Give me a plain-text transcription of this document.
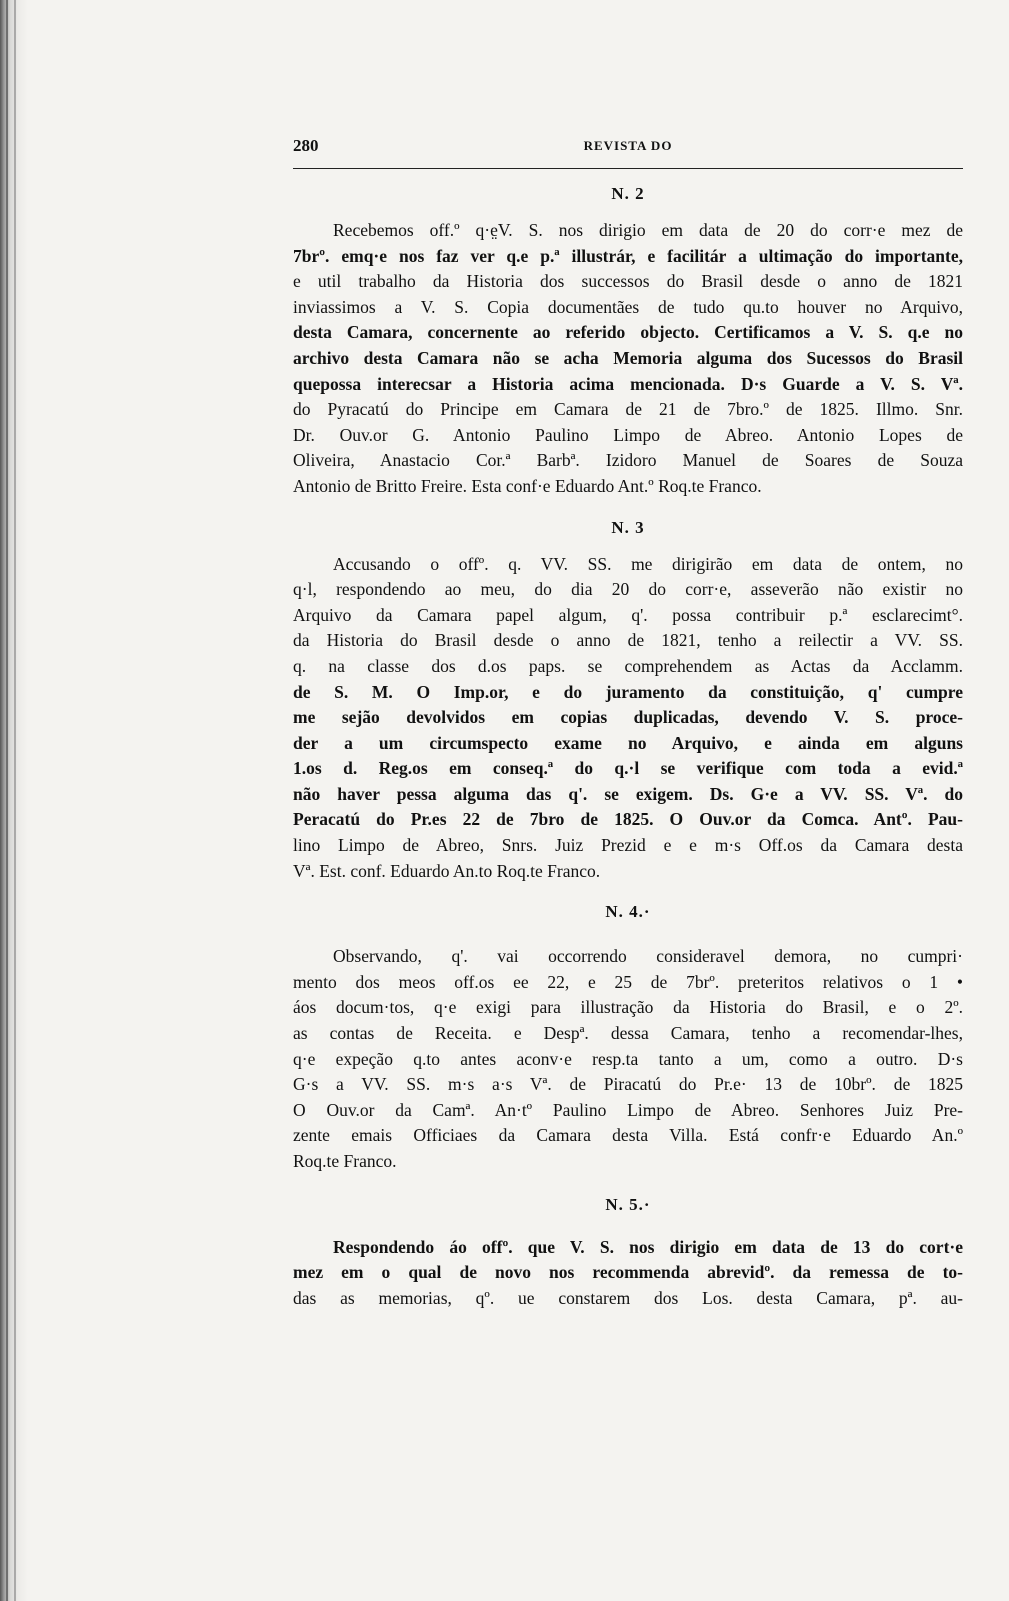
280	REVISTA DO
N. 2
Recebemos off.º q·e̤V. S. nos dirigio em data de 20 do corr·e mez de
7brº. emq·e nos faz ver q.e p.ª illustrár, e facilitár a ultimação do importante,
e util trabalho da Historia dos successos do Brasil desde o anno de 1821
inviassimos a V. S. Copia documentães de tudo qu.to houver no Arquivo,
desta Camara, concernente ao referido objecto. Certificamos a V. S. q.e no
archivo desta Camara não se acha Memoria alguma dos Sucessos do Brasil
quepossa interecsar a Historia acima mencionada. D·s Guarde a V. S. Vª.
do Pyracatú do Principe em Camara de 21 de 7bro.º de 1825. Illmo. Snr.
Dr. Ouv.or G. Antonio Paulino Limpo de Abreo. Antonio Lopes de
Oliveira, Anastacio Cor.ª Barbª. Izidoro Manuel de Soares de Souza
Antonio de Britto Freire. Esta conf·e Eduardo Ant.º Roq.te Franco.
N. 3
Accusando o offº. q. VV. SS. me dirigirão em data de ontem, no
q·l, respondendo ao meu, do dia 20 do corr·e, asseverão não existir no
Arquivo da Camara papel algum, q'. possa contribuir p.ª esclarecimt°.
da Historia do Brasil desde o anno de 1821, tenho a reilectir a VV. SS.
q. na classe dos d.os paps. se comprehendem as Actas da Acclamm.
de S. M. O Imp.or, e do juramento da constituição, q' cumpre
me sejão devolvidos em copias duplicadas, devendo V. S. proce-
der a um circumspecto exame no Arquivo, e ainda em alguns
1.os d. Reg.os em conseq.ª do q.·l se verifique com toda a evid.ª
não haver pessa alguma das q'. se exigem. Ds. G·e a VV. SS. Vª. do
Peracatú do Pr.es 22 de 7bro de 1825. O Ouv.or da Comca. Antº. Pau-
lino Limpo de Abreo, Snrs. Juiz Prezid e e m·s Off.os da Camara desta
Vª. Est. conf. Eduardo An.to Roq.te Franco.
N. 4.·
Observando, q'. vai occorrendo consideravel demora, no cumpri·
mento dos meos off.os ee 22, e 25 de 7brº. preteritos relativos o 1 •
áos docum·tos, q·e exigi para illustração da Historia do Brasil, e o 2º.
as contas de Receita. e Despª. dessa Camara, tenho a recomendar-lhes,
q·e expeção q.to antes aconv·e resp.ta tanto a um, como a outro. D·s
G·s a VV. SS. m·s a·s Vª. de Piracatú do Pr.e· 13 de 10brº. de 1825
O Ouv.or da Camª. An·tº Paulino Limpo de Abreo. Senhores Juiz Pre-
zente emais Officiaes da Camara desta Villa. Está confr·e Eduardo An.º
Roq.te Franco.
N. 5.·
Respondendo áo offº. que V. S. nos dirigio em data de 13 do cort·e
mez em o qual de novo nos recommenda abrevidº. da remessa de to-
das as memorias, qº. ue constarem dos Los. desta Camara, pª. au-
